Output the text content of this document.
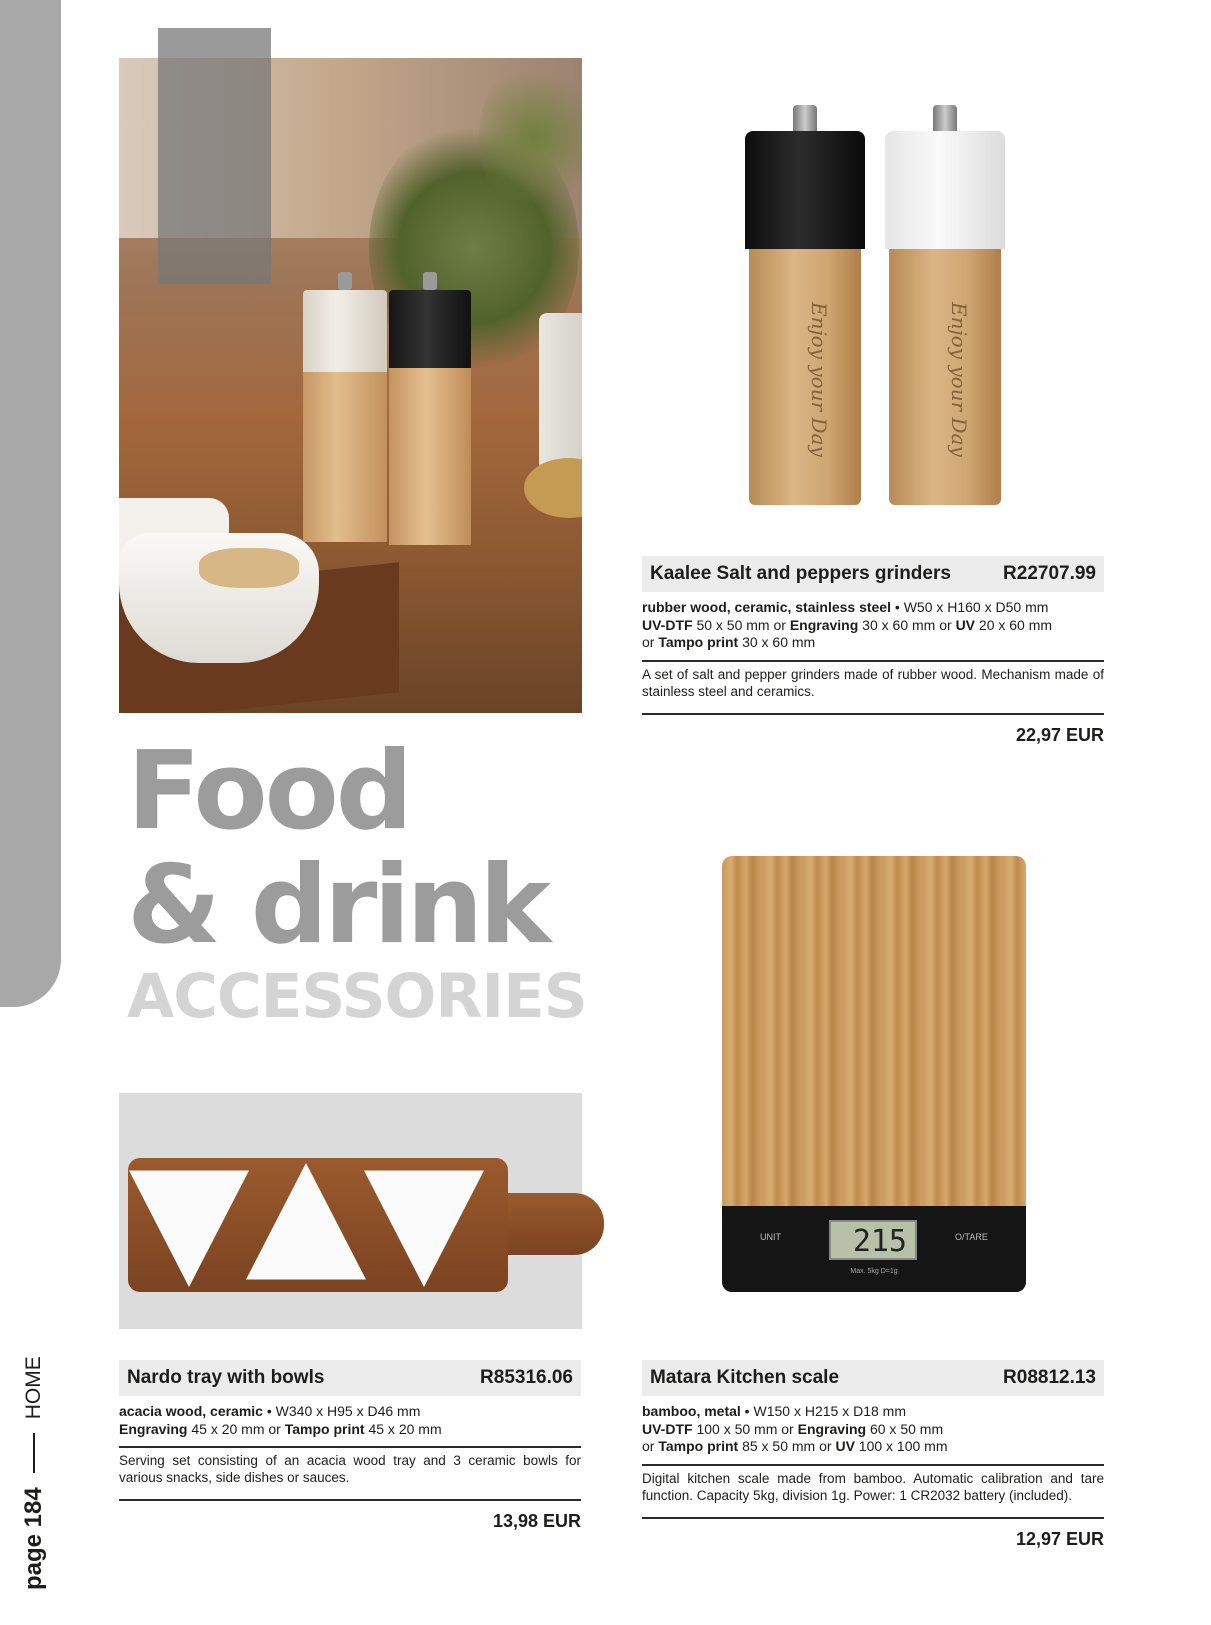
page 184
HOME
Enjoy your Day	Enjoy your Day
Kaalee Salt and peppers grinders	R22707.99
rubber wood, ceramic, stainless steel • W50 x H160 x D50 mm
UV-DTF 50 x 50 mm or Engraving 30 x 60 mm or UV 20 x 60 mm
or Tampo print 30 x 60 mm
A set of salt and pepper grinders made of rubber wood. Mechanism made of stainless steel and ceramics.
22,97 EUR
Food
& drink
ACCESSORIES
UNIT	215	O/TARE
Max. 5kg D=1g
Nardo tray with bowls	R85316.06
acacia wood, ceramic • W340 x H95 x D46 mm
Engraving 45 x 20 mm or Tampo print 45 x 20 mm
Serving set consisting of an acacia wood tray and 3 ceramic bowls for various snacks, side dishes or sauces.
13,98 EUR
Matara Kitchen scale	R08812.13
bamboo, metal • W150 x H215 x D18 mm
UV-DTF 100 x 50 mm or Engraving 60 x 50 mm
or Tampo print 85 x 50 mm or UV 100 x 100 mm
Digital kitchen scale made from bamboo. Automatic calibration and tare function. Capacity 5kg, division 1g. Power: 1 CR2032 battery (included).
12,97 EUR
